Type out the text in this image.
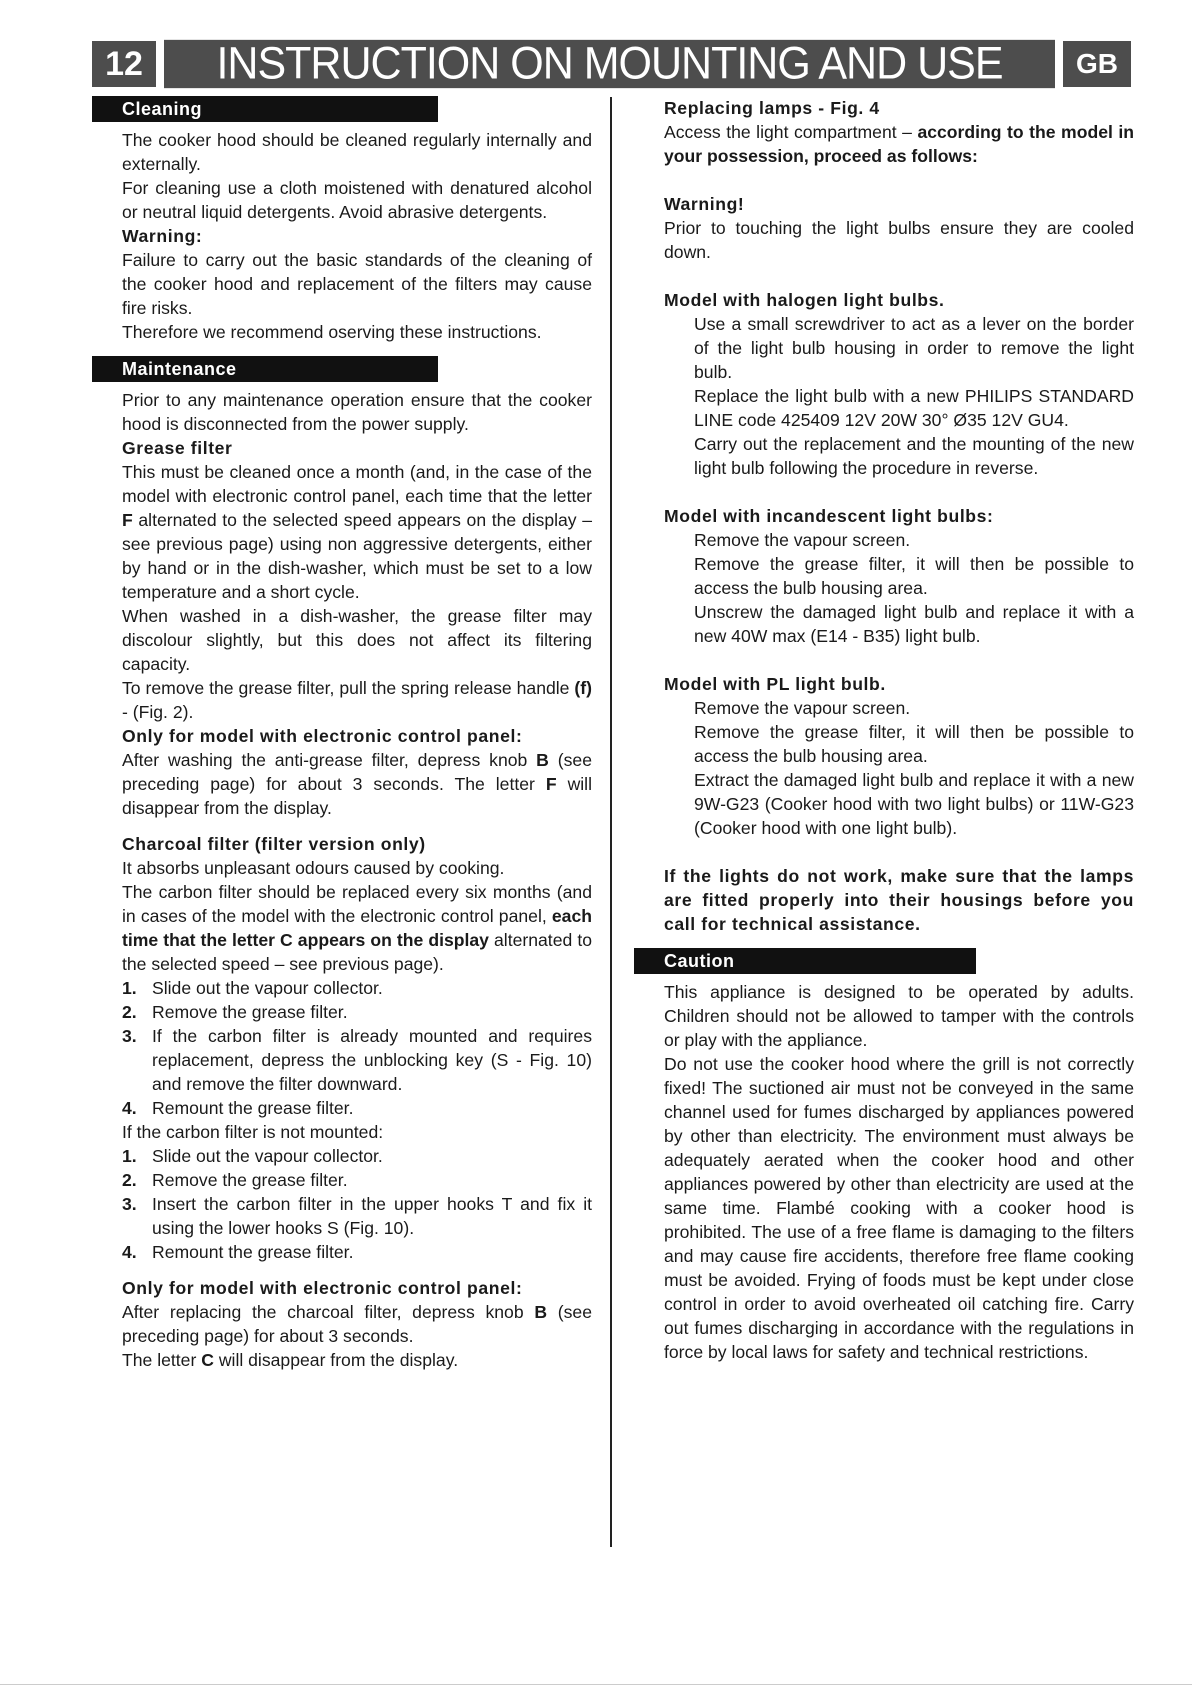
12	INSTRUCTION ON MOUNTING AND USE	GB
Cleaning

The cooker hood should be cleaned regularly internally and externally.

For cleaning use a cloth moistened with denatured alcohol or neutral liquid detergents. Avoid abrasive detergents.

Warning:

Failure to carry out the basic standards of the cleaning of the cooker hood and replacement of the filters may cause fire risks.

Therefore we recommend oserving these instructions.

Maintenance

Prior to any maintenance operation ensure that the cooker hood is disconnected from the power supply.

Grease filter

This must be cleaned once a month (and, in the case of the model with electronic control panel, each time that the letter F alternated to the selected speed appears on the display – see previous page) using non aggressive detergents, either by hand or in the dish-washer, which must be set to a low temperature and a short cycle.

When washed in a dish-washer, the grease filter may discolour slightly, but this does not affect its filtering capacity.

To remove the grease filter, pull the spring release handle (f) - (Fig. 2).

Only for model with electronic control panel:

After washing the anti-grease filter, depress knob B (see preceding page) for about 3 seconds. The letter F will disappear from the display.

Charcoal filter (filter version only)

It absorbs unpleasant odours caused by cooking.

The carbon filter should be replaced every six months (and in cases of the model with the electronic control panel, each time that the letter C appears on the display alternated to the selected speed – see previous page).

1. Slide out the vapour collector.
2. Remove the grease filter.
3. If the carbon filter is already mounted and requires replacement, depress the unblocking key (S - Fig. 10) and remove the filter downward.
4. Remount the grease filter.

If the carbon filter is not mounted:

1. Slide out the vapour collector.
2. Remove the grease filter.
3. Insert the carbon filter in the upper hooks T and fix it using the lower hooks S (Fig. 10).
4. Remount the grease filter.

Only for model with electronic control panel:

After replacing the charcoal filter, depress knob B (see preceding page) for about 3 seconds.

The letter C will disappear from the display.

Replacing lamps - Fig. 4

Access the light compartment – according to the model in your possession, proceed as follows:

Warning!

Prior to touching the light bulbs ensure they are cooled down.

Model with halogen light bulbs.

Use a small screwdriver to act as a lever on the border of the light bulb housing in order to remove the light bulb.

Replace the light bulb with a new PHILIPS STANDARD LINE code 425409 12V 20W 30° Ø35 12V GU4.

Carry out the replacement and the mounting of the new light bulb following the procedure in reverse.

Model with incandescent light bulbs:

Remove the vapour screen.

Remove the grease filter, it will then be possible to access the bulb housing area.

Unscrew the damaged light bulb and replace it with a new 40W max (E14 - B35) light bulb.

Model with PL light bulb.

Remove the vapour screen.

Remove the grease filter, it will then be possible to access the bulb housing area.

Extract the damaged light bulb and replace it with a new 9W-G23 (Cooker hood with two light bulbs) or 11W-G23 (Cooker hood with one light bulb).

If the lights do not work, make sure that the lamps are fitted properly into their housings before you call for technical assistance.

Caution

This appliance is designed to be operated by adults. Children should not be allowed to tamper with the controls or play with the appliance.

Do not use the cooker hood where the grill is not correctly fixed! The suctioned air must not be conveyed in the same channel used for fumes discharged by appliances powered by other than electricity. The environment must always be adequately aerated when the cooker hood and other appliances powered by other than electricity are used at the same time. Flambé cooking with a cooker hood is prohibited. The use of a free flame is damaging to the filters and may cause fire accidents, therefore free flame cooking must be avoided. Frying of foods must be kept under close control in order to avoid overheated oil catching fire. Carry out fumes discharging in accordance with the regulations in force by local laws for safety and technical restrictions.
